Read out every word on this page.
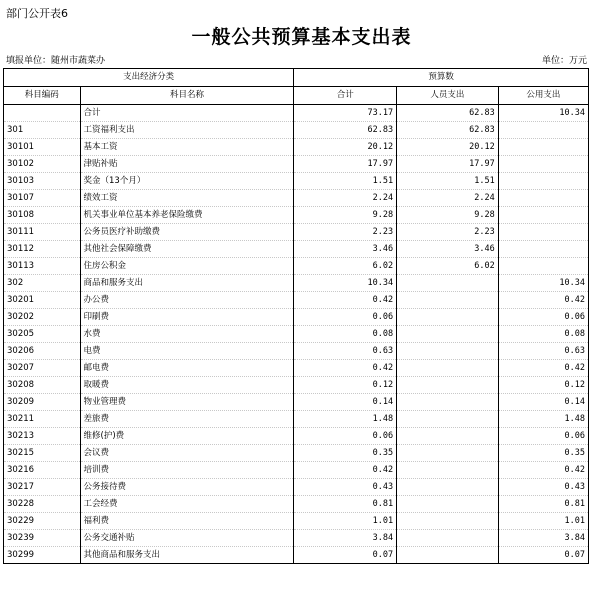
部门公开表6
一般公共预算基本支出表
填报单位：随州市蔬菜办	单位：万元
支出经济分类		预算数		
科目编码	科目名称	合计	人员支出	公用支出
	合计	73.17	62.83	10.34
301	工资福利支出	62.83	62.83	
30101	基本工资	20.12	20.12	
30102	津贴补贴	17.97	17.97	
30103	奖金（13个月）	1.51	1.51	
30107	绩效工资	2.24	2.24	
30108	机关事业单位基本养老保险缴费	9.28	9.28	
30111	公务员医疗补助缴费	2.23	2.23	
30112	其他社会保障缴费	3.46	3.46	
30113	住房公积金	6.02	6.02	
302	商品和服务支出	10.34		10.34
30201	办公费	0.42		0.42
30202	印刷费	0.06		0.06
30205	水费	0.08		0.08
30206	电费	0.63		0.63
30207	邮电费	0.42		0.42
30208	取暖费	0.12		0.12
30209	物业管理费	0.14		0.14
30211	差旅费	1.48		1.48
30213	维修(护)费	0.06		0.06
30215	会议费	0.35		0.35
30216	培训费	0.42		0.42
30217	公务接待费	0.43		0.43
30228	工会经费	0.81		0.81
30229	福利费	1.01		1.01
30239	公务交通补贴	3.84		3.84
30299	其他商品和服务支出	0.07		0.07
